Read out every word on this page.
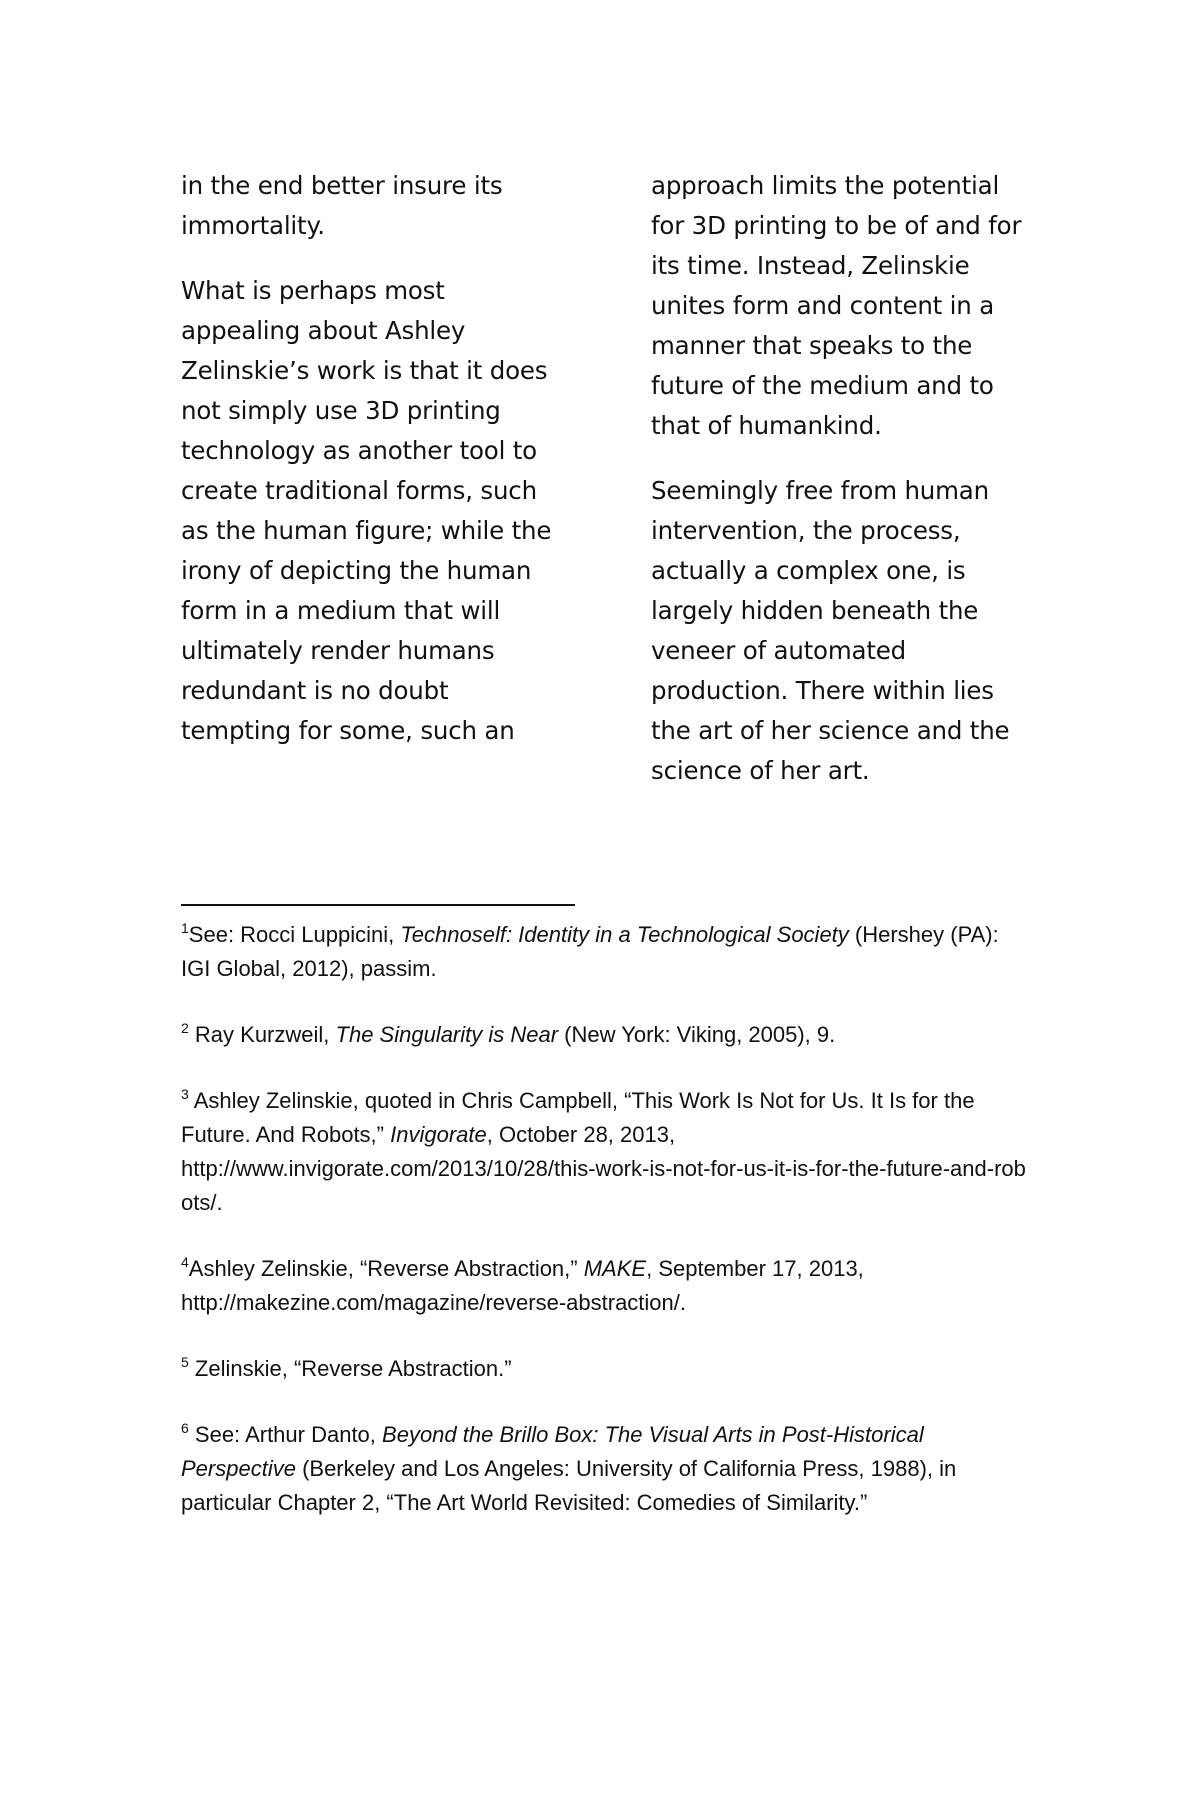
in the end better insure its immortality.

What is perhaps most appealing about Ashley Zelinskie’s work is that it does not simply use 3D printing technology as another tool to create traditional forms, such as the human figure; while the irony of depicting the human form in a medium that will ultimately render humans redundant is no doubt tempting for some, such an

approach limits the potential for 3D printing to be of and for its time. Instead, Zelinskie unites form and content in a manner that speaks to the future of the medium and to that of humankind.

Seemingly free from human intervention, the process, actually a complex one, is largely hidden beneath the veneer of automated production. There within lies the art of her science and the science of her art.

$^1$See: Rocci Luppicini, Technoself: Identity in a Technological Society (Hershey (PA): IGI Global, 2012), passim.

$^2$ Ray Kurzweil, The Singularity is Near (New York: Viking, 2005), 9.

$^3$ Ashley Zelinskie, quoted in Chris Campbell, “This Work Is Not for Us. It Is for the Future. And Robots,” Invigorate, October 28, 2013,
http://www.invigorate.com/2013/10/28/this-work-is-not-for-us-it-is-for-the-future-and-robots/.

$^4$Ashley Zelinskie, “Reverse Abstraction,” MAKE, September 17, 2013,
http://makezine.com/magazine/reverse-abstraction/.

$^5$ Zelinskie, “Reverse Abstraction.”

$^6$ See: Arthur Danto, Beyond the Brillo Box: The Visual Arts in Post-Historical Perspective (Berkeley and Los Angeles: University of California Press, 1988), in particular Chapter 2, “The Art World Revisited: Comedies of Similarity.”
